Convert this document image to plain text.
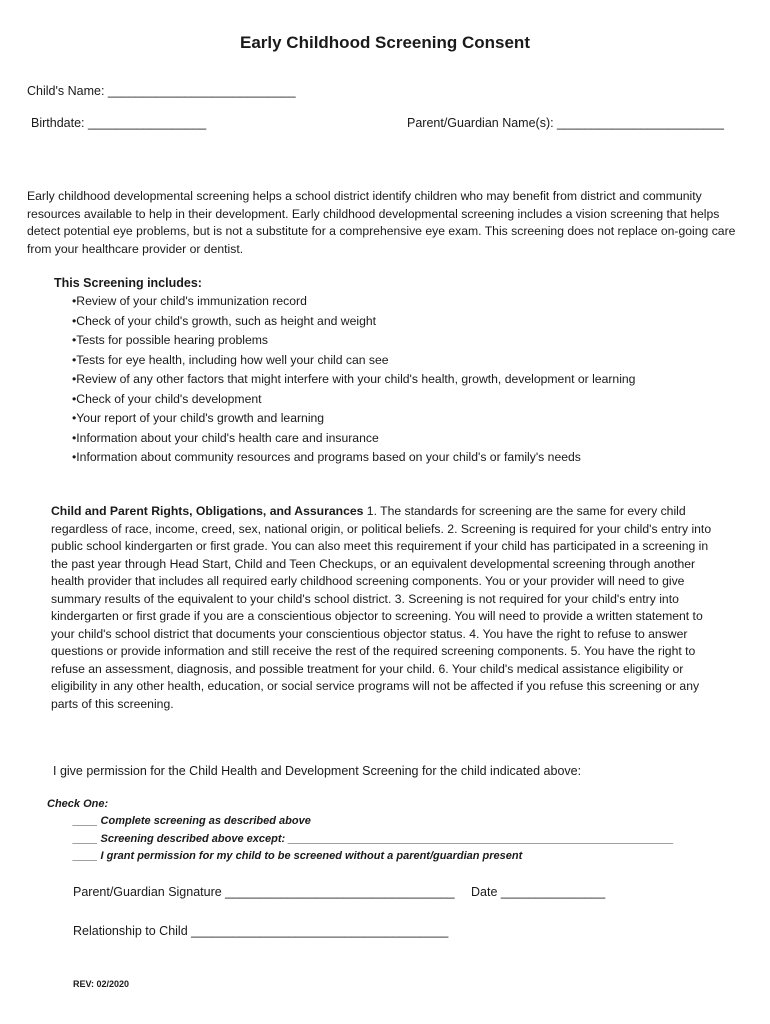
Early Childhood Screening Consent
Child's Name: ___________________________
Birthdate: _________________	Parent/Guardian Name(s): ________________________
Early childhood developmental screening helps a school district identify children who may benefit from district and community resources available to help in their development. Early childhood developmental screening includes a vision screening that helps detect potential eye problems, but is not a substitute for a comprehensive eye exam. This screening does not replace on-going care from your healthcare provider or dentist.
This Screening includes:
• Review of your child's immunization record
• Check of your child's growth, such as height and weight
• Tests for possible hearing problems
• Tests for eye health, including how well your child can see
• Review of any other factors that might interfere with your child's health, growth, development or learning
• Check of your child's development
• Your report of your child's growth and learning
• Information about your child's health care and insurance
• Information about community resources and programs based on your child's or family's needs
Child and Parent Rights, Obligations, and Assurances 1. The standards for screening are the same for every child regardless of race, income, creed, sex, national origin, or political beliefs. 2. Screening is required for your child's entry into public school kindergarten or first grade. You can also meet this requirement if your child has participated in a screening in the past year through Head Start, Child and Teen Checkups, or an equivalent developmental screening through another health provider that includes all required early childhood screening components. You or your provider will need to give summary results of the equivalent to your child's school district. 3. Screening is not required for your child's entry into kindergarten or first grade if you are a conscientious objector to screening. You will need to provide a written statement to your child's school district that documents your conscientious objector status. 4. You have the right to refuse to answer questions or provide information and still receive the rest of the required screening components. 5. You have the right to refuse an assessment, diagnosis, and possible treatment for your child. 6. Your child's medical assistance eligibility or eligibility in any other health, education, or social service programs will not be affected if you refuse this screening or any parts of this screening.
I give permission for the Child Health and Development Screening for the child indicated above:
Check One:
____ Complete screening as described above
____ Screening described above except: _______________________________________________________________
____ I grant permission for my child to be screened without a parent/guardian present
Parent/Guardian Signature _________________________________ Date _______________
Relationship to Child _____________________________________
REV: 02/2020
